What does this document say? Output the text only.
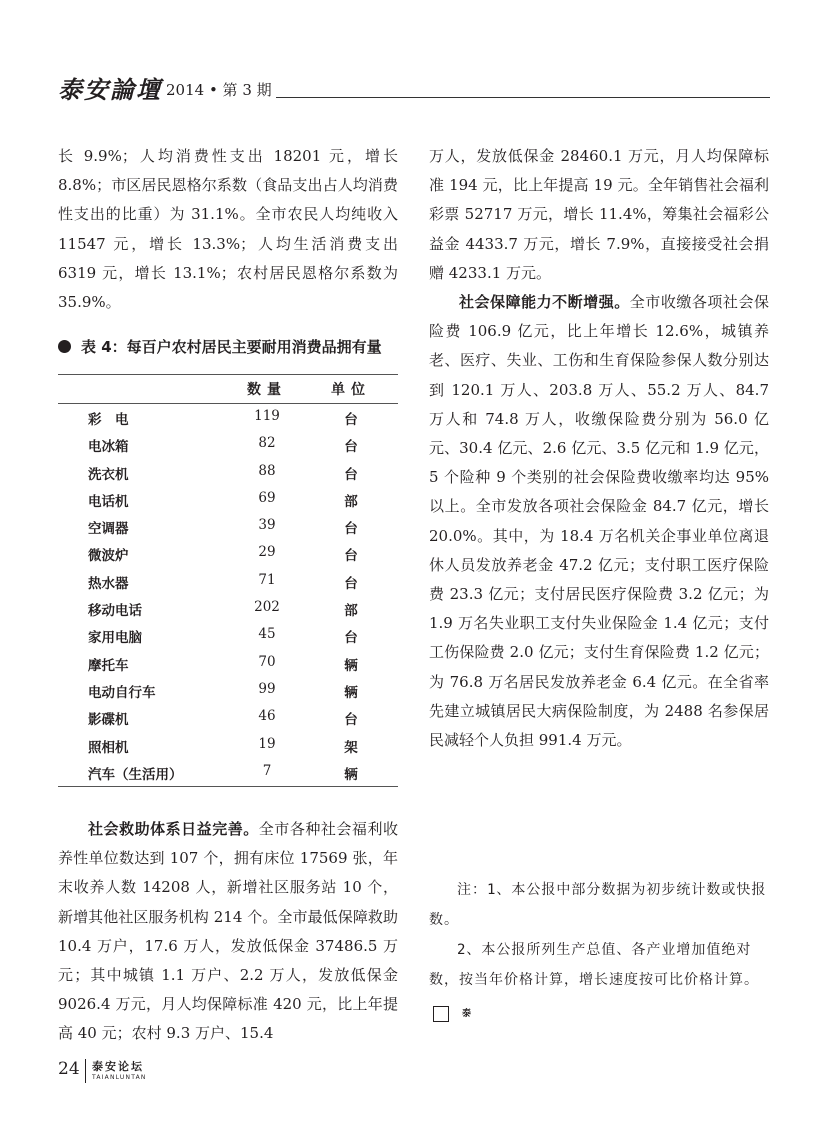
泰安論壇 2014 • 第 3 期

长 9.9%；人均消费性支出 18201 元，增长 8.8%；市区居民恩格尔系数（食品支出占人均消费性支出的比重）为 31.1%。全市农民人均纯收入 11547 元，增长 13.3%；人均生活消费支出 6319 元，增长 13.1%；农村居民恩格尔系数为 35.9%。

表 4：每百户农村居民主要耐用消费品拥有量
数量	单位
彩　电	119	台
电冰箱	82	台
洗衣机	88	台
电话机	69	部
空调器	39	台
微波炉	29	台
热水器	71	台
移动电话	202	部
家用电脑	45	台
摩托车	70	辆
电动自行车	99	辆
影碟机	46	台
照相机	19	架
汽车（生活用）	7	辆

社会救助体系日益完善。全市各种社会福利收养性单位数达到 107 个，拥有床位 17569 张，年末收养人数 14208 人，新增社区服务站 10 个，新增其他社区服务机构 214 个。全市最低保障救助 10.4 万户，17.6 万人，发放低保金 37486.5 万元；其中城镇 1.1 万户、2.2 万人，发放低保金 9026.4 万元，月人均保障标准 420 元，比上年提高 40 元；农村 9.3 万户、15.4

万人，发放低保金 28460.1 万元，月人均保障标准 194 元，比上年提高 19 元。全年销售社会福利彩票 52717 万元，增长 11.4%，筹集社会福彩公益金 4433.7 万元，增长 7.9%，直接接受社会捐赠 4233.1 万元。

社会保障能力不断增强。全市收缴各项社会保险费 106.9 亿元，比上年增长 12.6%，城镇养老、医疗、失业、工伤和生育保险参保人数分别达到 120.1 万人、203.8 万人、55.2 万人、84.7 万人和 74.8 万人，收缴保险费分别为 56.0 亿元、30.4 亿元、2.6 亿元、3.5 亿元和 1.9 亿元，5 个险种 9 个类别的社会保险费收缴率均达 95% 以上。全市发放各项社会保险金 84.7 亿元，增长 20.0%。其中，为 18.4 万名机关企事业单位离退休人员发放养老金 47.2 亿元；支付职工医疗保险费 23.3 亿元；支付居民医疗保险费 3.2 亿元；为 1.9 万名失业职工支付失业保险金 1.4 亿元；支付工伤保险费 2.0 亿元；支付生育保险费 1.2 亿元；为 76.8 万名居民发放养老金 6.4 亿元。在全省率先建立城镇居民大病保险制度，为 2488 名参保居民减轻个人负担 991.4 万元。

注：1、本公报中部分数据为初步统计数或快报数。

2、本公报所列生产总值、各产业增加值绝对数，按当年价格计算，增长速度按可比价格计算。泰

24 泰安论坛
TAIANLUNTAN
